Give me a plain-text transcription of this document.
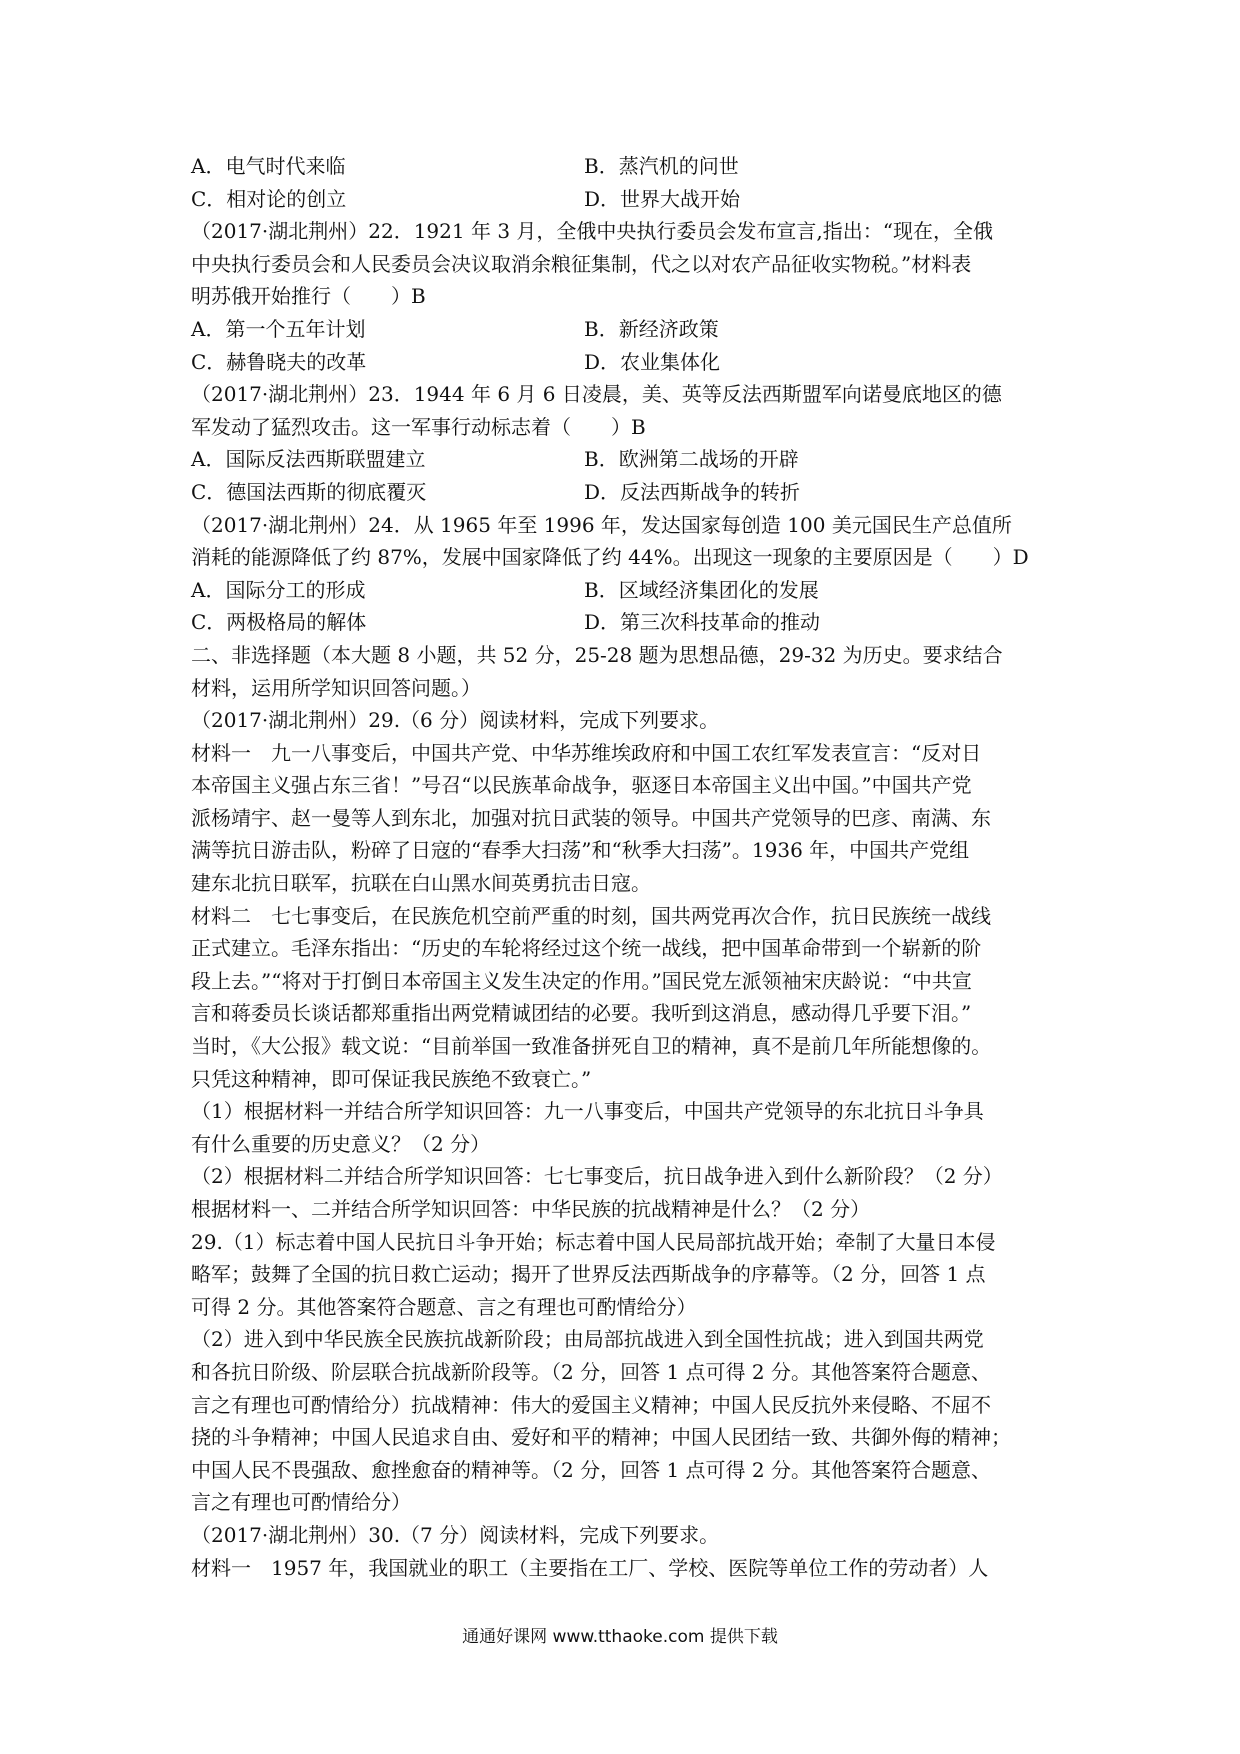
A．电气时代来临	B．蒸汽机的问世
C．相对论的创立	D．世界大战开始
（2017·湖北荆州）22．1921 年 3 月，全俄中央执行委员会发布宣言,指出：“现在，全俄
中央执行委员会和人民委员会决议取消余粮征集制，代之以对农产品征收实物税。”材料表
明苏俄开始推行（　　）B
A．第一个五年计划	B．新经济政策
C．赫鲁晓夫的改革	D．农业集体化
（2017·湖北荆州）23．1944 年 6 月 6 日凌晨，美、英等反法西斯盟军向诺曼底地区的德
军发动了猛烈攻击。这一军事行动标志着（　　）B
A．国际反法西斯联盟建立	B．欧洲第二战场的开辟
C．德国法西斯的彻底覆灭	D．反法西斯战争的转折
（2017·湖北荆州）24．从 1965 年至 1996 年，发达国家每创造 100 美元国民生产总值所
消耗的能源降低了约 87%，发展中国家降低了约 44%。出现这一现象的主要原因是（　　）D
A．国际分工的形成	B．区域经济集团化的发展
C．两极格局的解体	D．第三次科技革命的推动
二、非选择题（本大题 8 小题，共 52 分，25-28 题为思想品德，29-32 为历史。要求结合
材料，运用所学知识回答问题。）
（2017·湖北荆州）29.（6 分）阅读材料，完成下列要求。
材料一　九一八事变后，中国共产党、中华苏维埃政府和中国工农红军发表宣言：“反对日
本帝国主义强占东三省！”号召“以民族革命战争，驱逐日本帝国主义出中国。”中国共产党
派杨靖宇、赵一曼等人到东北，加强对抗日武装的领导。中国共产党领导的巴彦、南满、东
满等抗日游击队，粉碎了日寇的“春季大扫荡”和“秋季大扫荡”。1936 年，中国共产党组
建东北抗日联军，抗联在白山黑水间英勇抗击日寇。
材料二　七七事变后，在民族危机空前严重的时刻，国共两党再次合作，抗日民族统一战线
正式建立。毛泽东指出：“历史的车轮将经过这个统一战线，把中国革命带到一个崭新的阶
段上去。”“将对于打倒日本帝国主义发生决定的作用。”国民党左派领袖宋庆龄说：“中共宣
言和蒋委员长谈话都郑重指出两党精诚团结的必要。我听到这消息，感动得几乎要下泪。”
当时，《大公报》载文说：“目前举国一致准备拼死自卫的精神，真不是前几年所能想像的。
只凭这种精神，即可保证我民族绝不致衰亡。”
（1）根据材料一并结合所学知识回答：九一八事变后，中国共产党领导的东北抗日斗争具
有什么重要的历史意义？（2 分）
（2）根据材料二并结合所学知识回答：七七事变后，抗日战争进入到什么新阶段？（2 分）
根据材料一、二并结合所学知识回答：中华民族的抗战精神是什么？（2 分）
29.（1）标志着中国人民抗日斗争开始；标志着中国人民局部抗战开始；牵制了大量日本侵
略军；鼓舞了全国的抗日救亡运动；揭开了世界反法西斯战争的序幕等。（2 分，回答 1 点
可得 2 分。其他答案符合题意、言之有理也可酌情给分）
（2）进入到中华民族全民族抗战新阶段；由局部抗战进入到全国性抗战；进入到国共两党
和各抗日阶级、阶层联合抗战新阶段等。（2 分，回答 1 点可得 2 分。其他答案符合题意、
言之有理也可酌情给分）抗战精神：伟大的爱国主义精神；中国人民反抗外来侵略、不屈不
挠的斗争精神；中国人民追求自由、爱好和平的精神；中国人民团结一致、共御外侮的精神；
中国人民不畏强敌、愈挫愈奋的精神等。（2 分，回答 1 点可得 2 分。其他答案符合题意、
言之有理也可酌情给分）
（2017·湖北荆州）30.（7 分）阅读材料，完成下列要求。
材料一　1957 年，我国就业的职工（主要指在工厂、学校、医院等单位工作的劳动者）人
通通好课网 www.tthaoke.com 提供下载
